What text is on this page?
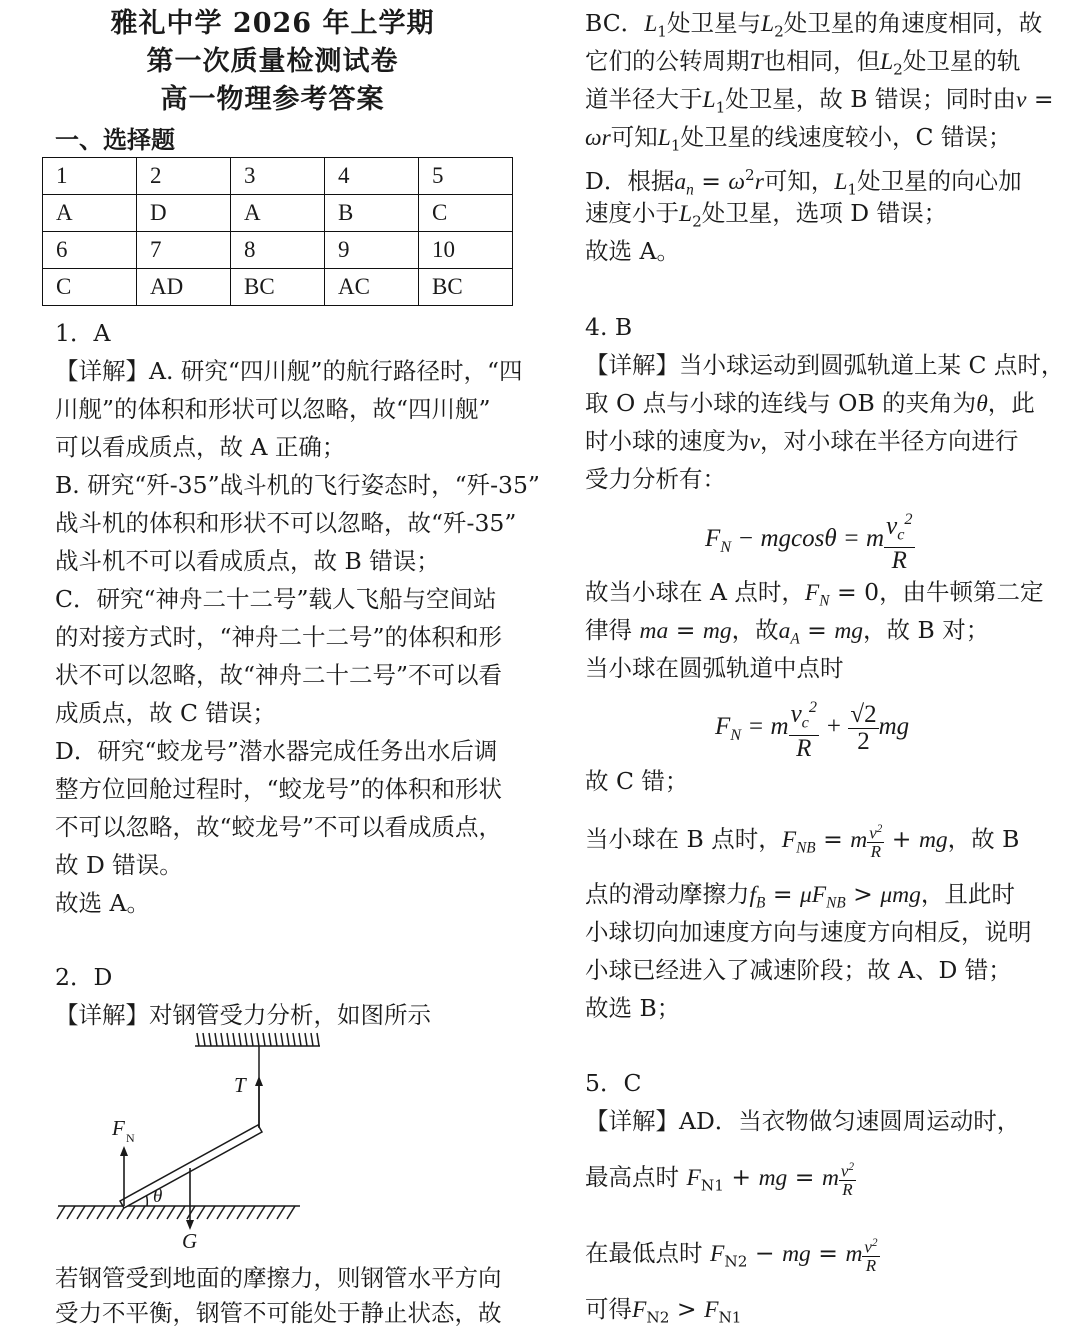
雅礼中学 2026 年上学期
第一次质量检测试卷
高一物理参考答案
一、选择题
1	2	3	4	5
A	D	A	B	C
6	7	8	9	10
C	AD	BC	AC	BC
1．A
【详解】A. 研究“四川舰”的航行路径时，“四
川舰”的体积和形状可以忽略，故“四川舰”
可以看成质点，故 A 正确；
B. 研究“歼-35”战斗机的飞行姿态时，“歼-35”
战斗机的体积和形状不可以忽略，故“歼-35”
战斗机不可以看成质点，故 B 错误；
C．研究“神舟二十二号”载人飞船与空间站
的对接方式时，“神舟二十二号”的体积和形
状不可以忽略，故“神舟二十二号”不可以看
成质点，故 C 错误；
D．研究“蛟龙号”潜水器完成任务出水后调
整方位回舱过程时，“蛟龙号”的体积和形状
不可以忽略，故“蛟龙号”不可以看成质点，
故 D 错误。
故选 A。
2．D
【详解】对钢管受力分析，如图所示
T
F N
θ
G
若钢管受到地面的摩擦力，则钢管水平方向
受力不平衡，钢管不可能处于静止状态，故
BC．$L_1$处卫星与$L_2$处卫星的角速度相同，故
它们的公转周期T也相同，但$L_2$处卫星的轨
道半径大于$L_1$处卫星，故 B 错误；同时由v =
ωr可知$L_1$处卫星的线速度较小，C 错误；
D．根据$a_n = \omega^2r$可知，$L_1$处卫星的向心加
速度小于$L_2$处卫星，选项 D 错误；
故选 A。
4. B
【详解】当小球运动到圆弧轨道上某 C 点时，
取 O 点与小球的连线与 OB 的夹角为θ，此
时小球的速度为v，对小球在半径方向进行
受力分析有：
$F_N - mgcos\theta = m \frac{v_c^2}{R}$
故当小球在 A 点时，$F_N = 0$，由牛顿第二定
律得 ma = mg，故$a_A$ = mg，故 B 对；
当小球在圆弧轨道中点时
$F_N = m \frac{v_c^2}{R} + \frac{√2}{2}$ mg
故 C 错；
当小球在 B 点时，$F_{NB} = m \frac{v^2}{R}$ + mg，故 B
点的滑动摩擦力$f_B = \mu F_{NB} > \mu mg$，且此时
小球切向加速度方向与速度方向相反，说明
小球已经进入了减速阶段；故 A、D 错；
故选 B；
5．C
【详解】AD．当衣物做匀速圆周运动时，
最高点时 $F_{N1}$ + mg = m $\frac{v^2}{R}$
在最低点时 $F_{N2}$ − mg = m $\frac{v^2}{R}$
可得$F_{N2} > F_{N1}$
